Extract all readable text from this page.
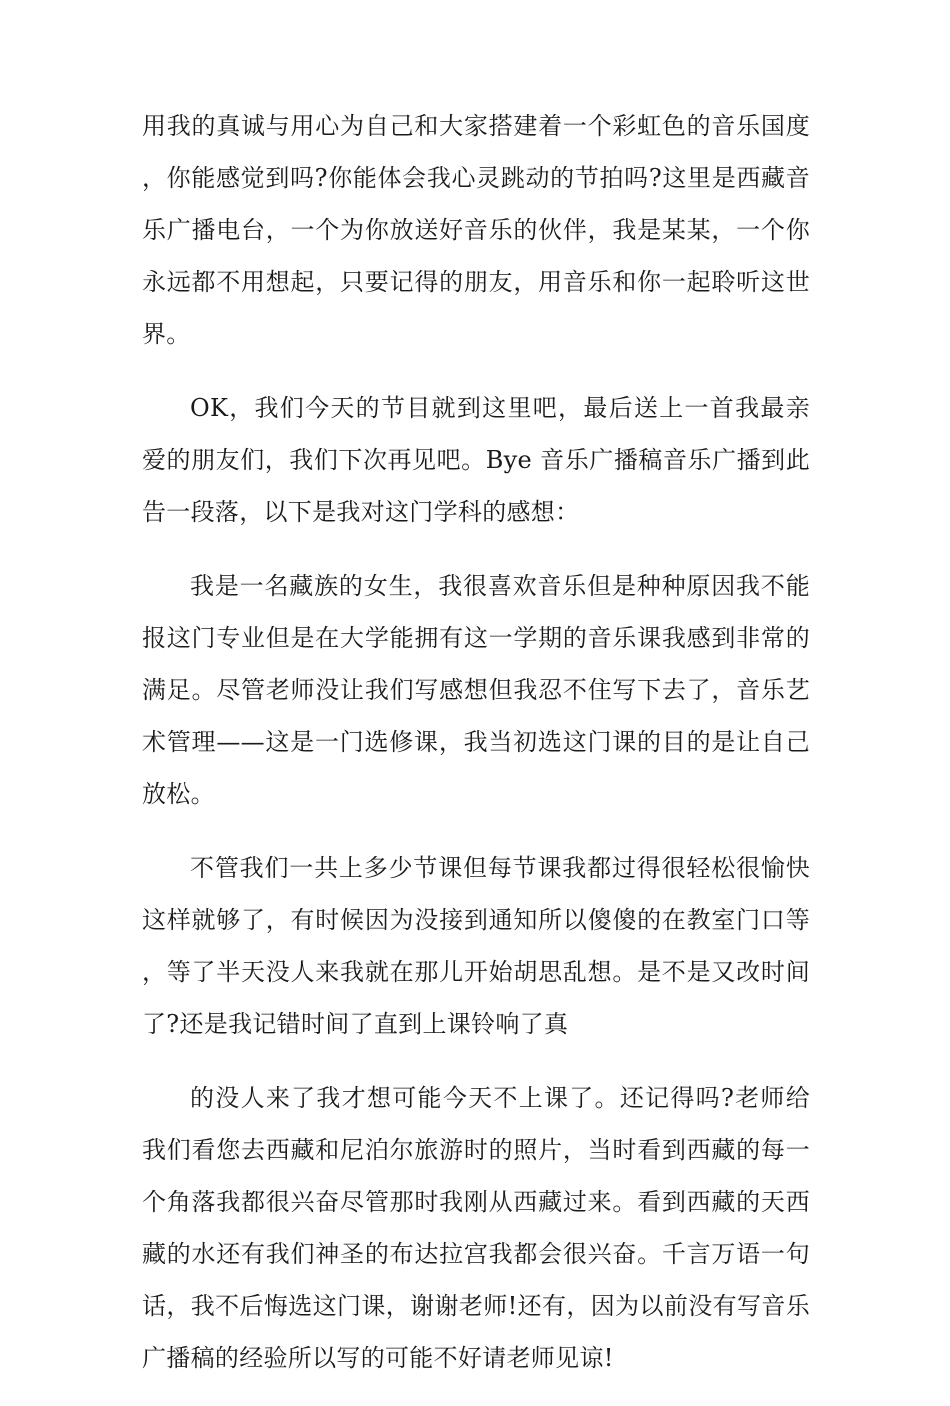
用我的真诚与用心为自己和大家搭建着一个彩虹色的音乐国度，你能感觉到吗?你能体会我心灵跳动的节拍吗?这里是西藏音乐广播电台，一个为你放送好音乐的伙伴，我是某某，一个你永远都不用想起，只要记得的朋友，用音乐和你一起聆听这世界。

OK，我们今天的节目就到这里吧，最后送上一首我最亲爱的朋友们，我们下次再见吧。Bye 音乐广播稿音乐广播到此告一段落，以下是我对这门学科的感想：

我是一名藏族的女生，我很喜欢音乐但是种种原因我不能报这门专业但是在大学能拥有这一学期的音乐课我感到非常的满足。尽管老师没让我们写感想但我忍不住写下去了，音乐艺术管理——这是一门选修课，我当初选这门课的目的是让自己放松。

不管我们一共上多少节课但每节课我都过得很轻松很愉快这样就够了，有时候因为没接到通知所以傻傻的在教室门口等，等了半天没人来我就在那儿开始胡思乱想。是不是又改时间了?还是我记错时间了直到上课铃响了真

的没人来了我才想可能今天不上课了。还记得吗?老师给我们看您去西藏和尼泊尔旅游时的照片，当时看到西藏的每一个角落我都很兴奋尽管那时我刚从西藏过来。看到西藏的天西藏的水还有我们神圣的布达拉宫我都会很兴奋。千言万语一句话，我不后悔选这门课，谢谢老师!还有，因为以前没有写音乐广播稿的经验所以写的可能不好请老师见谅!
